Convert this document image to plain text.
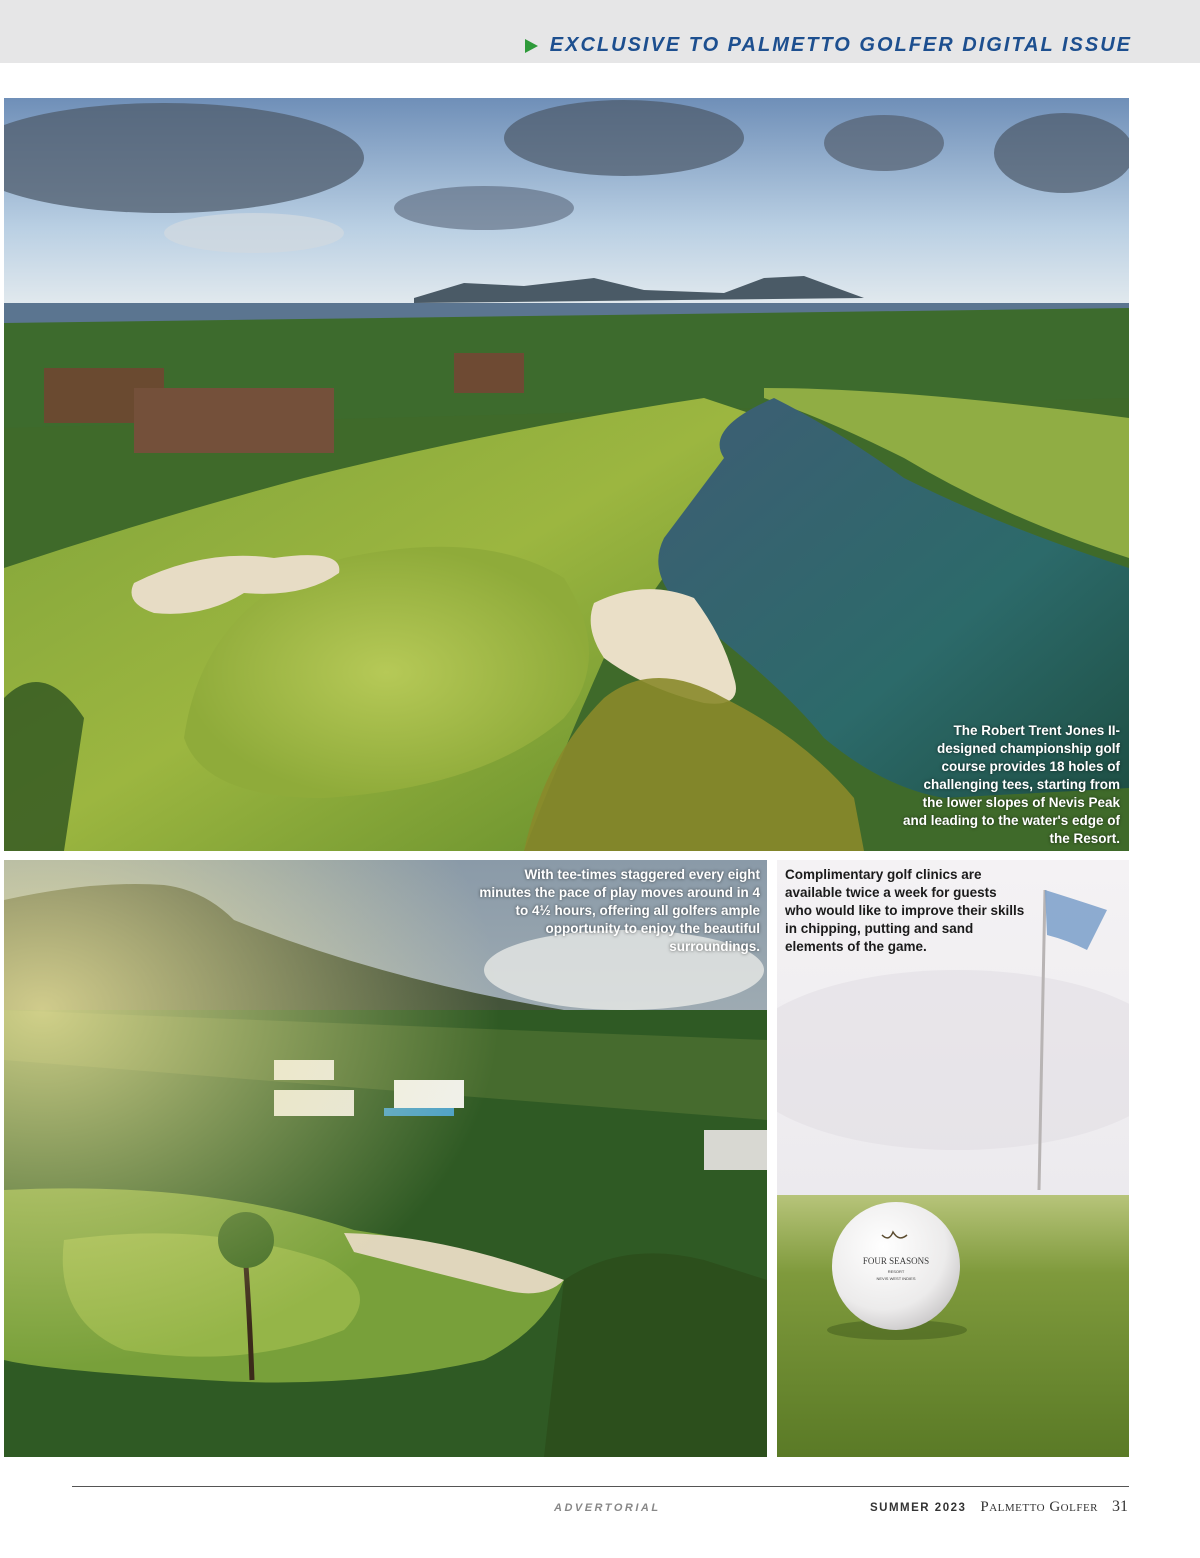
EXCLUSIVE TO PALMETTO GOLFER DIGITAL ISSUE
The Robert Trent Jones II-designed championship golf course provides 18 holes of challenging tees, starting from the lower slopes of Nevis Peak and leading to the water's edge of the Resort.
With tee-times staggered every eight minutes the pace of play moves around in 4 to 4½ hours, offering all golfers ample opportunity to enjoy the beautiful surroundings.
FOUR SEASONS
RESORT
NEVIS WEST INDIES
Complimentary golf clinics are available twice a week for guests who would like to improve their skills in chipping, putting and sand elements of the game.
ADVERTORIAL	SUMMER 2023 Palmetto Golfer 31
